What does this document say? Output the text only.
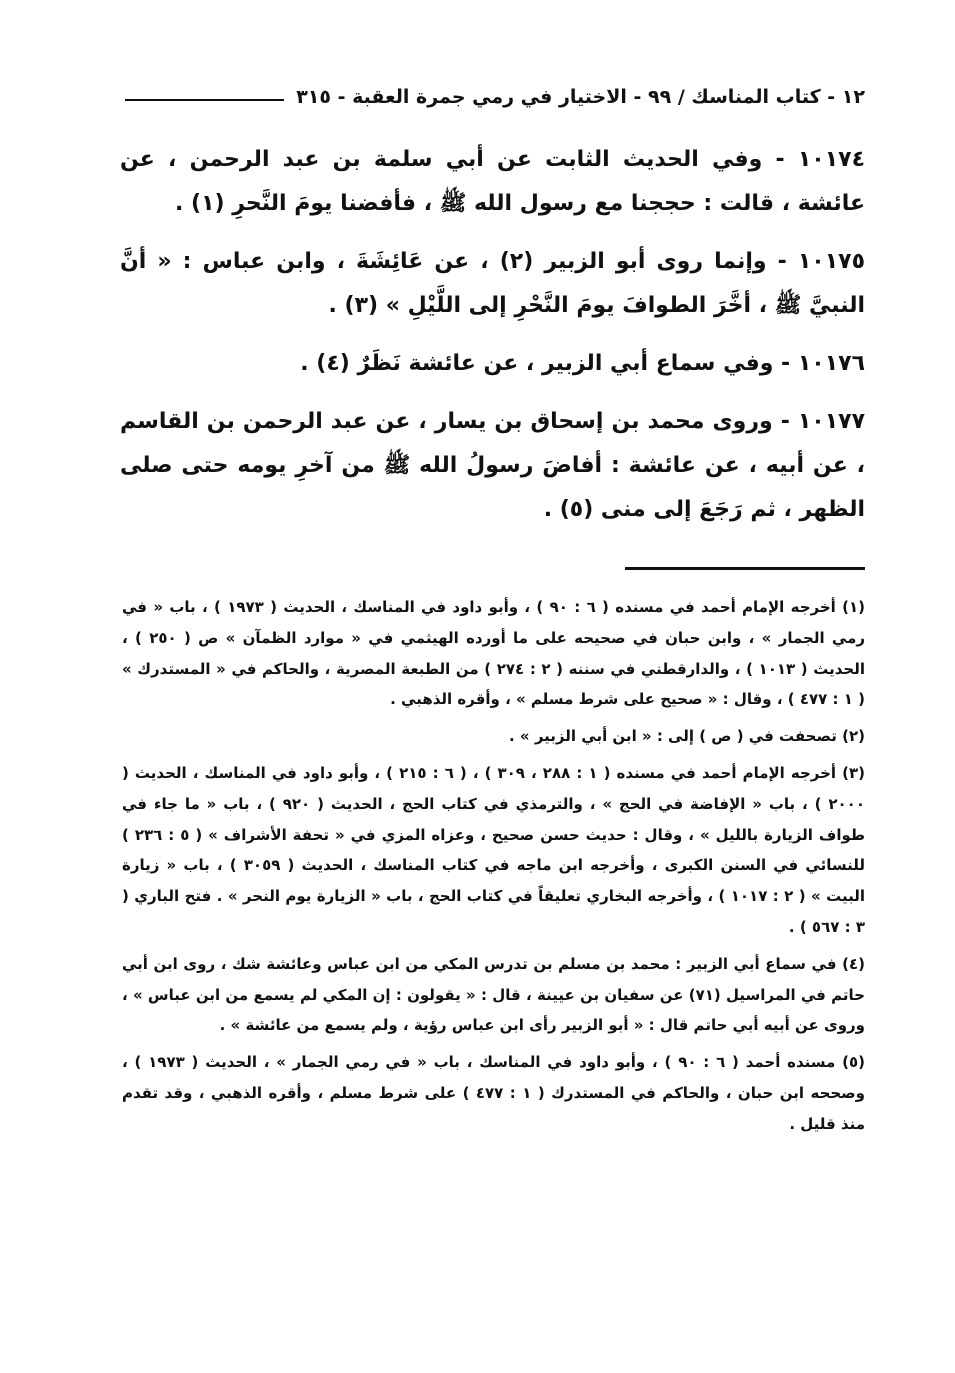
١٢ - كتاب المناسك / ٩٩ - الاختيار في رمي جمرة العقبة - ٣١٥

١٠١٧٤ - وفي الحديث الثابت عن أبي سلمة بن عبد الرحمن ، عن عائشة ، قالت : حججنا مع رسول الله ﷺ ، فأفضنا يومَ النَّحرِ (١) .

١٠١٧٥ - وإنما روى أبو الزبير (٢) ، عن عَائِشَةَ ، وابن عباس : « أنَّ النبيَّ ﷺ ، أخَّرَ الطوافَ يومَ النَّحْرِ إلى اللَّيْلِ » (٣) .

١٠١٧٦ - وفي سماع أبي الزبير ، عن عائشة نَظَرٌ (٤) .

١٠١٧٧ - وروى محمد بن إسحاق بن يسار ، عن عبد الرحمن بن القاسم ، عن أبيه ، عن عائشة : أفاضَ رسولُ الله ﷺ من آخرِ يومه حتى صلى الظهر ، ثم رَجَعَ إلى منى (٥) .

(١) أخرجه الإمام أحمد في مسنده ( ٦ : ٩٠ ) ، وأبو داود في المناسك ، الحديث ( ١٩٧٣ ) ، باب « في رمي الجمار » ، وابن حبان في صحيحه على ما أورده الهيثمي في « موارد الظمآن » ص ( ٢٥٠ ) ، الحديث ( ١٠١٣ ) ، والدارقطني في سننه ( ٢ : ٢٧٤ ) من الطبعة المصرية ، والحاكم في « المستدرك » ( ١ : ٤٧٧ ) ، وقال : « صحيح على شرط مسلم » ، وأقره الذهبي .

(٢) تصحفت في ( ص ) إلى : « ابن أبي الزبير » .

(٣) أخرجه الإمام أحمد في مسنده ( ١ : ٢٨٨ ، ٣٠٩ ) ، ( ٦ : ٢١٥ ) ، وأبو داود في المناسك ، الحديث ( ٢٠٠٠ ) ، باب « الإفاضة في الحج » ، والترمذي في كتاب الحج ، الحديث ( ٩٢٠ ) ، باب « ما جاء في طواف الزيارة بالليل » ، وقال : حديث حسن صحيح ، وعزاه المزي في « تحفة الأشراف » ( ٥ : ٢٣٦ ) للنسائي في السنن الكبرى ، وأخرجه ابن ماجه في كتاب المناسك ، الحديث ( ٣٠٥٩ ) ، باب « زيارة البيت » ( ٢ : ١٠١٧ ) ، وأخرجه البخاري تعليقاً في كتاب الحج ، باب « الزيارة يوم النحر » . فتح الباري ( ٣ : ٥٦٧ ) .

(٤) في سماع أبي الزبير : محمد بن مسلم بن تدرس المكي من ابن عباس وعائشة شك ، روى ابن أبي حاتم في المراسيل (٧١) عن سفيان بن عيينة ، قال : « يقولون : إن المكي لم يسمع من ابن عباس » ، وروى عن أبيه أبي حاتم قال : « أبو الزبير رأى ابن عباس رؤية ، ولم يسمع من عائشة » .

(٥) مسنده أحمد ( ٦ : ٩٠ ) ، وأبو داود في المناسك ، باب « في رمي الجمار » ، الحديث ( ١٩٧٣ ) ، وصححه ابن حبان ، والحاكم في المستدرك ( ١ : ٤٧٧ ) على شرط مسلم ، وأقره الذهبي ، وقد تقدم منذ قليل .
